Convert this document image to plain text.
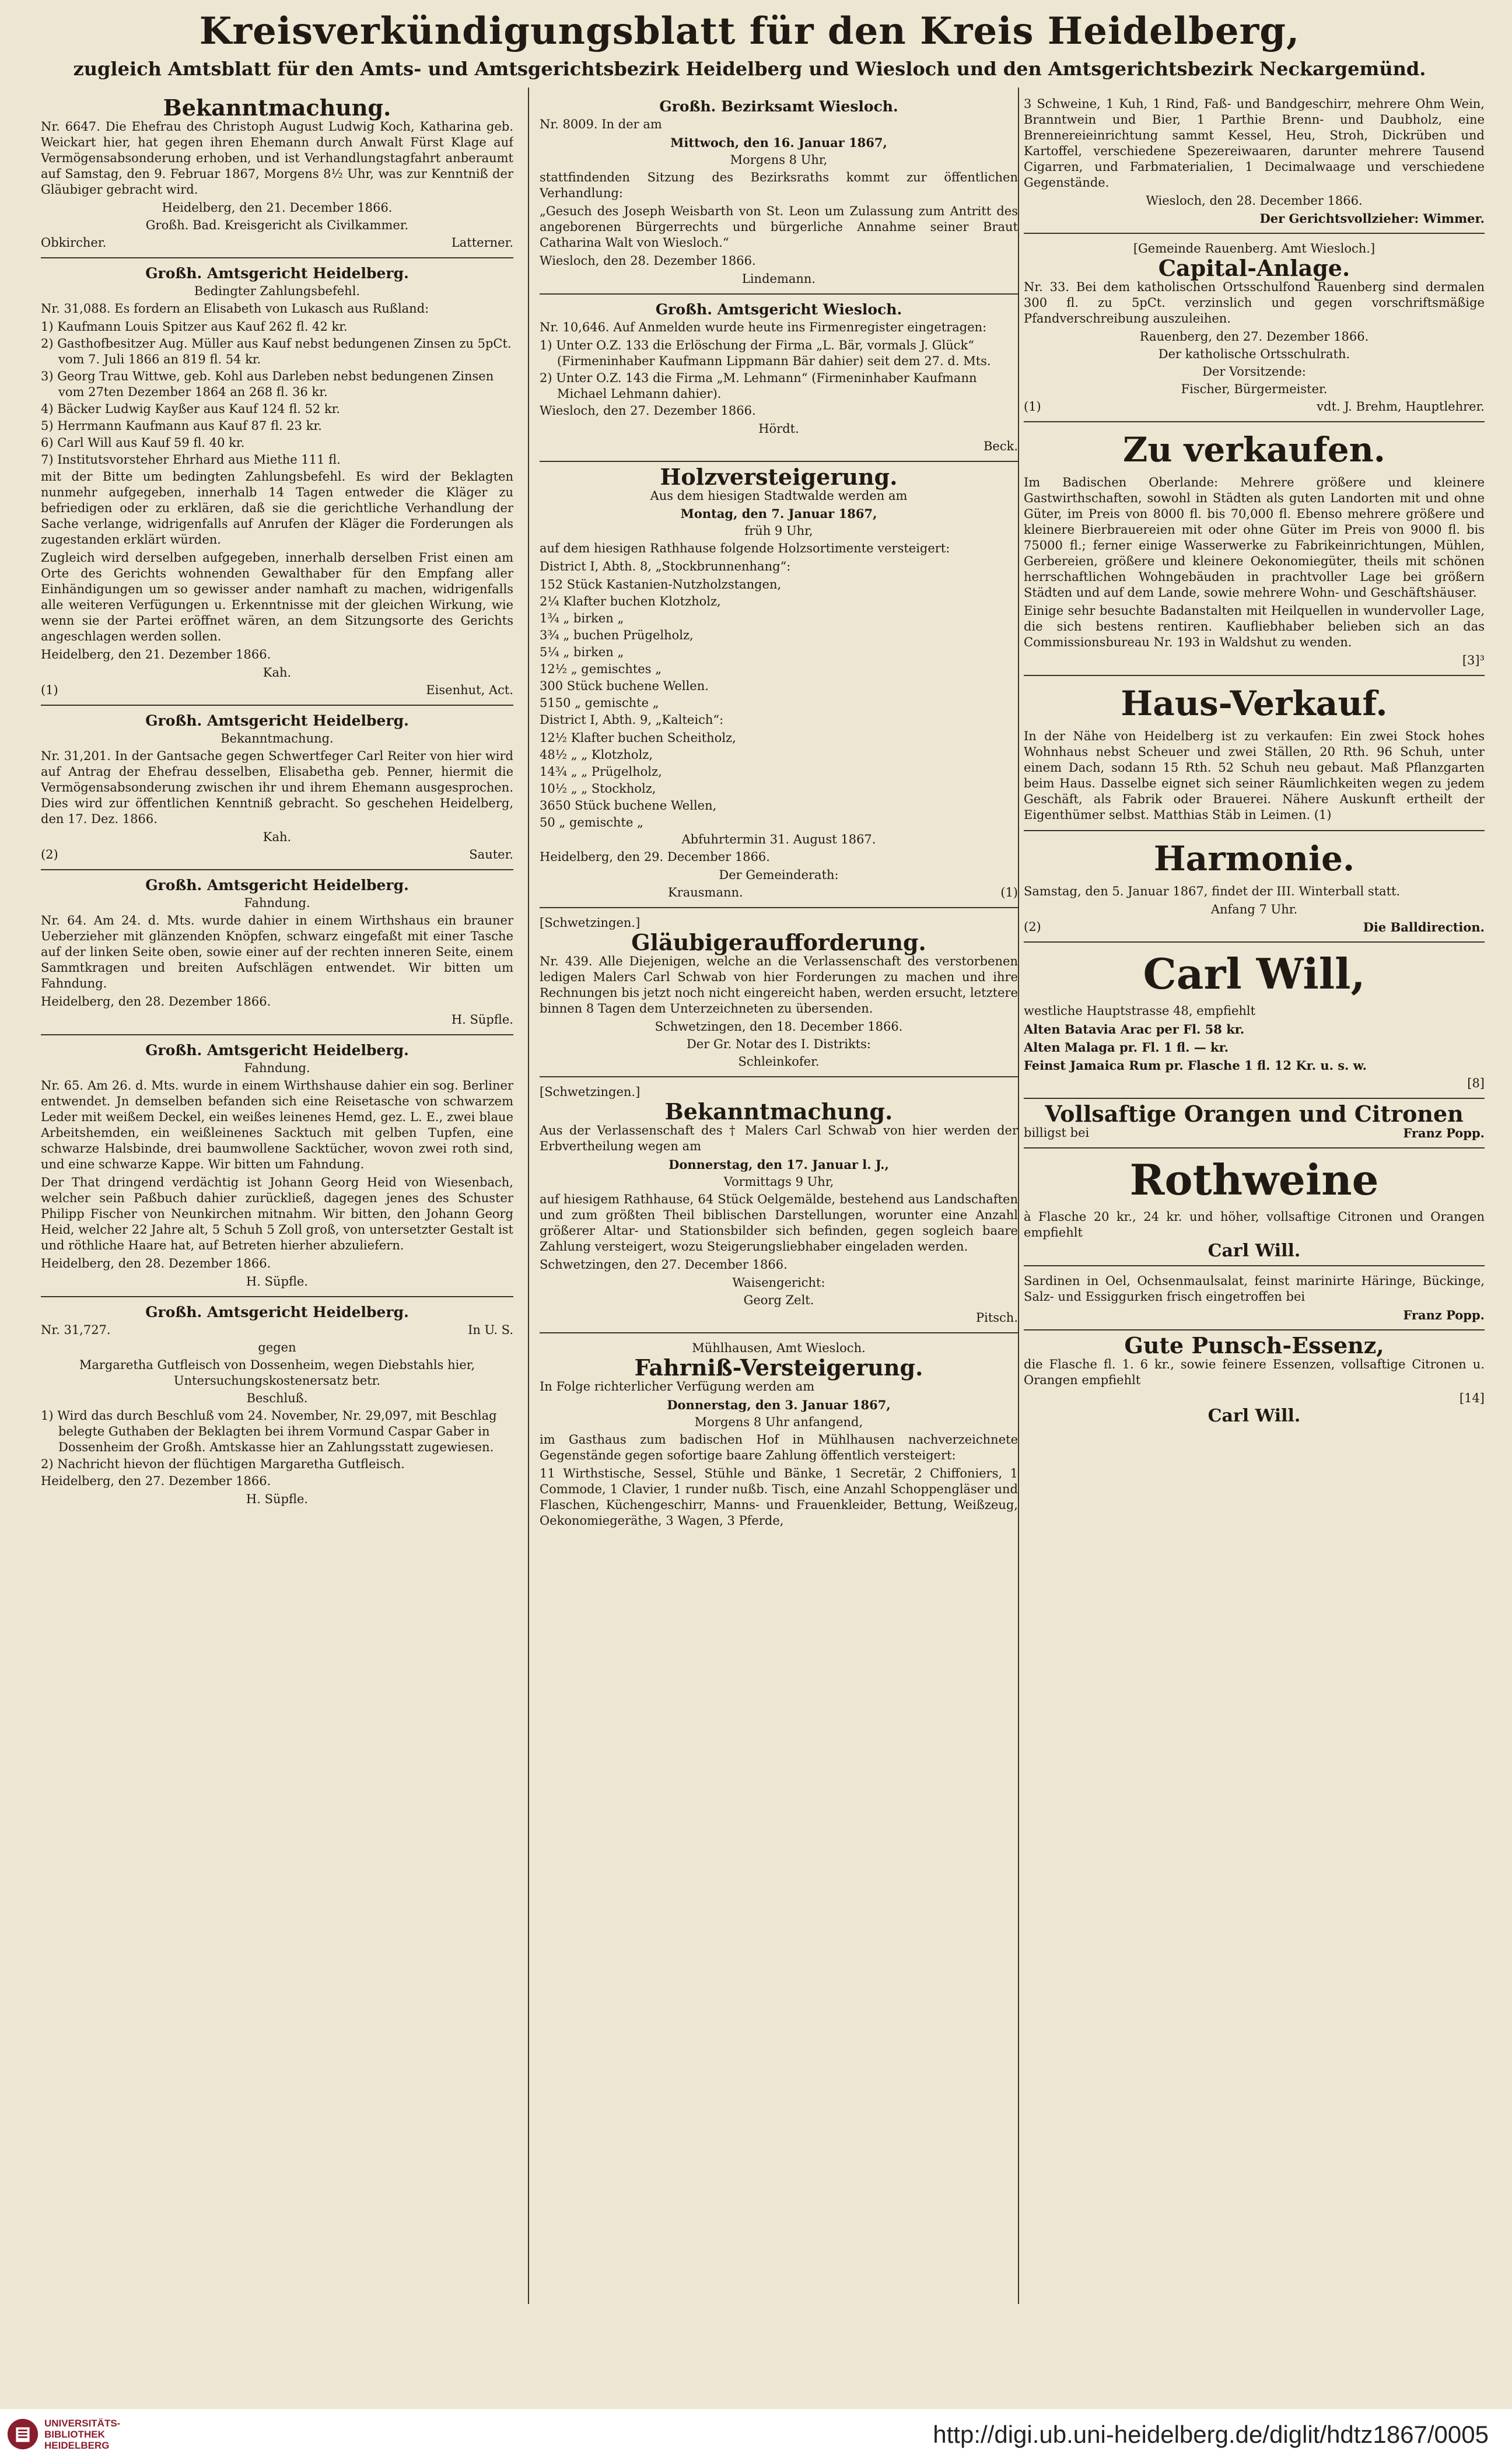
Kreisverkündigungsblatt für den Kreis Heidelberg,
zugleich Amtsblatt für den Amts- und Amtsgerichtsbezirk Heidelberg und Wiesloch und den Amtsgerichtsbezirk Neckargemünd.
Bekanntmachung.

Nr. 6647. Die Ehefrau des Christoph August Ludwig Koch, Katharina geb. Weickart hier, hat gegen ihren Ehemann durch Anwalt Fürst Klage auf Vermögensabsonderung erhoben, und ist Verhandlungstagfahrt anberaumt auf Samstag, den 9. Februar 1867, Morgens 8½ Uhr, was zur Kenntniß der Gläubiger gebracht wird.

Heidelberg, den 21. December 1866.

Großh. Bad. Kreisgericht als Civilkammer.

Obkircher.	Latterner.
Großh. Amtsgericht Heidelberg.

Bedingter Zahlungsbefehl.

Nr. 31,088. Es fordern an Elisabeth von Lukasch aus Rußland:

1) Kaufmann Louis Spitzer aus Kauf 262 fl. 42 kr.
2) Gasthofbesitzer Aug. Müller aus Kauf nebst bedungenen Zinsen zu 5pCt. vom 7. Juli 1866 an 819 fl. 54 kr.
3) Georg Trau Wittwe, geb. Kohl aus Darleben nebst bedungenen Zinsen vom 27ten Dezember 1864 an 268 fl. 36 kr.
4) Bäcker Ludwig Kayßer aus Kauf 124 fl. 52 kr.
5) Herrmann Kaufmann aus Kauf 87 fl. 23 kr.
6) Carl Will aus Kauf 59 fl. 40 kr.
7) Institutsvorsteher Ehrhard aus Miethe 111 fl.

mit der Bitte um bedingten Zahlungsbefehl. Es wird der Beklagten nunmehr aufgegeben, innerhalb 14 Tagen entweder die Kläger zu befriedigen oder zu erklären, daß sie die gerichtliche Verhandlung der Sache verlange, widrigenfalls auf Anrufen der Kläger die Forderungen als zugestanden erklärt würden.

Zugleich wird derselben aufgegeben, innerhalb derselben Frist einen am Orte des Gerichts wohnenden Gewalthaber für den Empfang aller Einhändigungen um so gewisser ander namhaft zu machen, widrigenfalls alle weiteren Verfügungen u. Erkenntnisse mit der gleichen Wirkung, wie wenn sie der Partei eröffnet wären, an dem Sitzungsorte des Gerichts angeschlagen werden sollen.

Heidelberg, den 21. Dezember 1866.

Kah.

(1)	Eisenhut, Act.
Großh. Amtsgericht Heidelberg.

Bekanntmachung.

Nr. 31,201. In der Gantsache gegen Schwertfeger Carl Reiter von hier wird auf Antrag der Ehefrau desselben, Elisabetha geb. Penner, hiermit die Vermögensabsonderung zwischen ihr und ihrem Ehemann ausgesprochen. Dies wird zur öffentlichen Kenntniß gebracht. So geschehen Heidelberg, den 17. Dez. 1866.

Kah.

(2)	Sauter.
Großh. Amtsgericht Heidelberg.

Fahndung.

Nr. 64. Am 24. d. Mts. wurde dahier in einem Wirthshaus ein brauner Ueberzieher mit glänzenden Knöpfen, schwarz eingefaßt mit einer Tasche auf der linken Seite oben, sowie einer auf der rechten inneren Seite, einem Sammtkragen und breiten Aufschlägen entwendet. Wir bitten um Fahndung.

Heidelberg, den 28. Dezember 1866.

H. Süpfle.

Großh. Amtsgericht Heidelberg.

Fahndung.

Nr. 65. Am 26. d. Mts. wurde in einem Wirthshause dahier ein sog. Berliner entwendet. Jn demselben befanden sich eine Reisetasche von schwarzem Leder mit weißem Deckel, ein weißes leinenes Hemd, gez. L. E., zwei blaue Arbeitshemden, ein weißleinenes Sacktuch mit gelben Tupfen, eine schwarze Halsbinde, drei baumwollene Sacktücher, wovon zwei roth sind, und eine schwarze Kappe. Wir bitten um Fahndung.

Der That dringend verdächtig ist Johann Georg Heid von Wiesenbach, welcher sein Paßbuch dahier zurückließ, dagegen jenes des Schuster Philipp Fischer von Neunkirchen mitnahm. Wir bitten, den Johann Georg Heid, welcher 22 Jahre alt, 5 Schuh 5 Zoll groß, von untersetzter Gestalt ist und röthliche Haare hat, auf Betreten hierher abzuliefern.

Heidelberg, den 28. Dezember 1866.

H. Süpfle.

Großh. Amtsgericht Heidelberg.
Nr. 31,727.	In U. S.

gegen

Margaretha Gutfleisch von Dossenheim, wegen Diebstahls hier, Untersuchungskostenersatz betr.

Beschluß.

1) Wird das durch Beschluß vom 24. November, Nr. 29,097, mit Beschlag belegte Guthaben der Beklagten bei ihrem Vormund Caspar Gaber in Dossenheim der Großh. Amtskasse hier an Zahlungsstatt zugewiesen.
2) Nachricht hievon der flüchtigen Margaretha Gutfleisch.

Heidelberg, den 27. Dezember 1866.

H. Süpfle.

Großh. Bezirksamt Wiesloch.

Nr. 8009. In der am

Mittwoch, den 16. Januar 1867,

Morgens 8 Uhr,

stattfindenden Sitzung des Bezirksraths kommt zur öffentlichen Verhandlung:

„Gesuch des Joseph Weisbarth von St. Leon um Zulassung zum Antritt des angeborenen Bürgerrechts und bürgerliche Annahme seiner Braut Catharina Walt von Wiesloch.“

Wiesloch, den 28. Dezember 1866.

Lindemann.

Großh. Amtsgericht Wiesloch.

Nr. 10,646. Auf Anmelden wurde heute ins Firmenregister eingetragen:

1) Unter O.Z. 133 die Erlöschung der Firma „L. Bär, vormals J. Glück“ (Firmeninhaber Kaufmann Lippmann Bär dahier) seit dem 27. d. Mts.
2) Unter O.Z. 143 die Firma „M. Lehmann“ (Firmeninhaber Kaufmann Michael Lehmann dahier).

Wiesloch, den 27. Dezember 1866.

Hördt.

Beck.

Holzversteigerung.

Aus dem hiesigen Stadtwalde werden am

Montag, den 7. Januar 1867,

früh 9 Uhr,

auf dem hiesigen Rathhause folgende Holzsortimente versteigert:

District I, Abth. 8, „Stockbrunnenhang“:

152 Stück Kastanien-Nutzholzstangen,
2¼ Klafter buchen Klotzholz,
1¾ „ birken „
3¾ „ buchen Prügelholz,
5¼ „ birken „
12½ „ gemischtes „
300 Stück buchene Wellen.
5150 „ gemischte „

District I, Abth. 9, „Kalteich“:

12½ Klafter buchen Scheitholz,
48½ „ „ Klotzholz,
14¾ „ „ Prügelholz,
10½ „ „ Stockholz,
3650 Stück buchene Wellen,
50 „ gemischte „

Abfuhrtermin 31. August 1867.

Heidelberg, den 29. December 1866.

Der Gemeinderath:

Krausmann.	(1)

[Schwetzingen.]

Gläubigeraufforderung.

Nr. 439. Alle Diejenigen, welche an die Verlassenschaft des verstorbenen ledigen Malers Carl Schwab von hier Forderungen zu machen und ihre Rechnungen bis jetzt noch nicht eingereicht haben, werden ersucht, letztere binnen 8 Tagen dem Unterzeichneten zu übersenden.

Schwetzingen, den 18. December 1866.

Der Gr. Notar des I. Distrikts:

Schleinkofer.

[Schwetzingen.]

Bekanntmachung.

Aus der Verlassenschaft des † Malers Carl Schwab von hier werden der Erbvertheilung wegen am

Donnerstag, den 17. Januar l. J.,

Vormittags 9 Uhr,

auf hiesigem Rathhause, 64 Stück Oelgemälde, bestehend aus Landschaften und zum größten Theil biblischen Darstellungen, worunter eine Anzahl größerer Altar- und Stationsbilder sich befinden, gegen sogleich baare Zahlung versteigert, wozu Steigerungsliebhaber eingeladen werden.

Schwetzingen, den 27. December 1866.

Waisengericht:

Georg Zelt.

Pitsch.

Mühlhausen, Amt Wiesloch.

Fahrniß-Versteigerung.

In Folge richterlicher Verfügung werden am

Donnerstag, den 3. Januar 1867,

Morgens 8 Uhr anfangend,

im Gasthaus zum badischen Hof in Mühlhausen nachverzeichnete Gegenstände gegen sofortige baare Zahlung öffentlich versteigert:

11 Wirthstische, Sessel, Stühle und Bänke, 1 Secretär, 2 Chiffoniers, 1 Commode, 1 Clavier, 1 runder nußb. Tisch, eine Anzahl Schoppengläser und Flaschen, Küchengeschirr, Manns- und Frauenkleider, Bettung, Weißzeug, Oekonomiegeräthe, 3 Wagen, 3 Pferde,

3 Schweine, 1 Kuh, 1 Rind, Faß- und Bandgeschirr, mehrere Ohm Wein, Branntwein und Bier, 1 Parthie Brenn- und Daubholz, eine Brennereieinrichtung sammt Kessel, Heu, Stroh, Dickrüben und Kartoffel, verschiedene Spezereiwaaren, darunter mehrere Tausend Cigarren, und Farbmaterialien, 1 Decimalwaage und verschiedene Gegenstände.

Wiesloch, den 28. December 1866.

Der Gerichtsvollzieher: Wimmer.

[Gemeinde Rauenberg. Amt Wiesloch.]

Capital-Anlage.

Nr. 33. Bei dem katholischen Ortsschulfond Rauenberg sind dermalen 300 fl. zu 5pCt. verzinslich und gegen vorschriftsmäßige Pfandverschreibung auszuleihen.

Rauenberg, den 27. Dezember 1866.

Der katholische Ortsschulrath.

Der Vorsitzende:

Fischer, Bürgermeister.

(1)	vdt. J. Brehm, Hauptlehrer.
Zu verkaufen.

Im Badischen Oberlande: Mehrere größere und kleinere Gastwirthschaften, sowohl in Städten als guten Landorten mit und ohne Güter, im Preis von 8000 fl. bis 70,000 fl. Ebenso mehrere größere und kleinere Bierbrauereien mit oder ohne Güter im Preis von 9000 fl. bis 75000 fl.; ferner einige Wasserwerke zu Fabrikeinrichtungen, Mühlen, Gerbereien, größere und kleinere Oekonomiegüter, theils mit schönen herrschaftlichen Wohngebäuden in prachtvoller Lage bei größern Städten und auf dem Lande, sowie mehrere Wohn- und Geschäftshäuser.

Einige sehr besuchte Badanstalten mit Heilquellen in wundervoller Lage, die sich bestens rentiren. Kaufliebhaber belieben sich an das Commissionsbureau Nr. 193 in Waldshut zu wenden.

[3]³

Haus-Verkauf.

In der Nähe von Heidelberg ist zu verkaufen: Ein zwei Stock hohes Wohnhaus nebst Scheuer und zwei Ställen, 20 Rth. 96 Schuh, unter einem Dach, sodann 15 Rth. 52 Schuh neu gebaut. Maß Pflanzgarten beim Haus. Dasselbe eignet sich seiner Räumlichkeiten wegen zu jedem Geschäft, als Fabrik oder Brauerei. Nähere Auskunft ertheilt der Eigenthümer selbst. Matthias Stäb in Leimen. (1)

Harmonie.

Samstag, den 5. Januar 1867, findet der III. Winterball statt.

Anfang 7 Uhr.

(2)	Die Balldirection.
Carl Will,

westliche Hauptstrasse 48, empfiehlt

Alten Batavia Arac per Fl. 58 kr.

Alten Malaga pr. Fl. 1 fl. — kr.

Feinst Jamaica Rum pr. Flasche 1 fl. 12 Kr. u. s. w.

[8]

Vollsaftige Orangen und Citronen
billigst bei	Franz Popp.
Rothweine

à Flasche 20 kr., 24 kr. und höher, vollsaftige Citronen und Orangen empfiehlt

Carl Will.

Sardinen in Oel, Ochsenmaulsalat, feinst marinirte Häringe, Bückinge, Salz- und Essiggurken frisch eingetroffen bei

Franz Popp.

Gute Punsch-Essenz,

die Flasche fl. 1. 6 kr., sowie feinere Essenzen, vollsaftige Citronen u. Orangen empfiehlt

[14]

Carl Will.

UNIVERSITÄTS-
BIBLIOTHEK
HEIDELBERG	http://digi.ub.uni-heidelberg.de/diglit/hdtz1867/0005
